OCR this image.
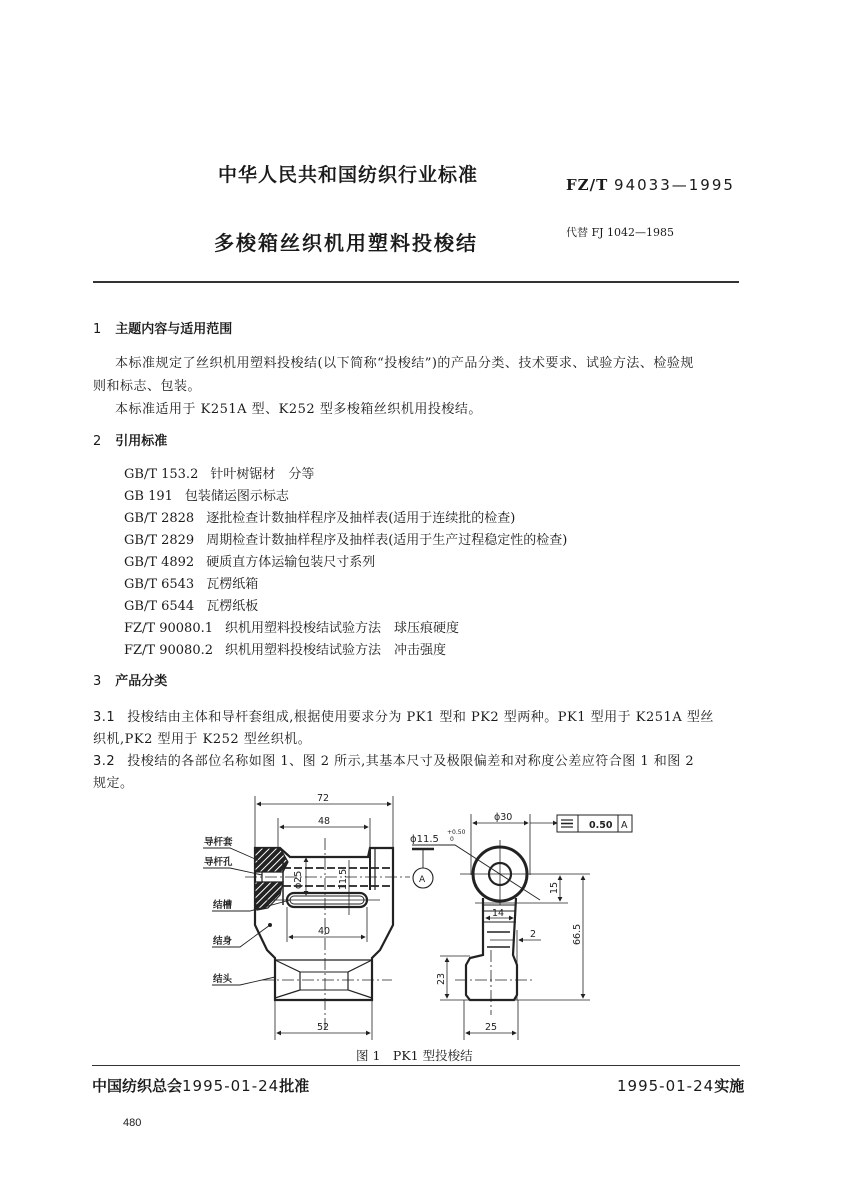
中华人民共和国纺织行业标准	FZ/T 94033—1995
多梭箱丝织机用塑料投梭结	代替 FJ 1042—1985
1 主题内容与适用范围
本标准规定了丝织机用塑料投梭结(以下简称“投梭结”)的产品分类、技术要求、试验方法、检验规
则和标志、包装。
本标准适用于 K251A 型、K252 型多梭箱丝织机用投梭结。
2 引用标准
GB/T 153.2 针叶树锯材　分等
GB 191 包装储运图示标志
GB/T 2828 逐批检查计数抽样程序及抽样表(适用于连续批的检查)
GB/T 2829 周期检查计数抽样程序及抽样表(适用于生产过程稳定性的检查)
GB/T 4892 硬质直方体运输包装尺寸系列
GB/T 6543 瓦楞纸箱
GB/T 6544 瓦楞纸板
FZ/T 90080.1 织机用塑料投梭结试验方法　球压痕硬度
FZ/T 90080.2 织机用塑料投梭结试验方法　冲击强度
3 产品分类
3.1 投梭结由主体和导杆套组成,根据使用要求分为 PK1 型和 PK2 型两种。PK1 型用于 K251A 型丝
织机,PK2 型用于 K252 型丝织机。
3.2 投梭结的各部位名称如图 1、图 2 所示,其基本尺寸及极限偏差和对称度公差应符合图 1 和图 2
规定。
72
48
ϕ25	11.5
40
52
导杆套
导杆孔
结槽
结身
结头
ϕ30
0.50 A
ϕ11.5
+0.50
0
A
15
14
2	66.5
23
25
图 1　PK1 型投梭结
中国纺织总会1995-01-24批准	1995-01-24实施
480
